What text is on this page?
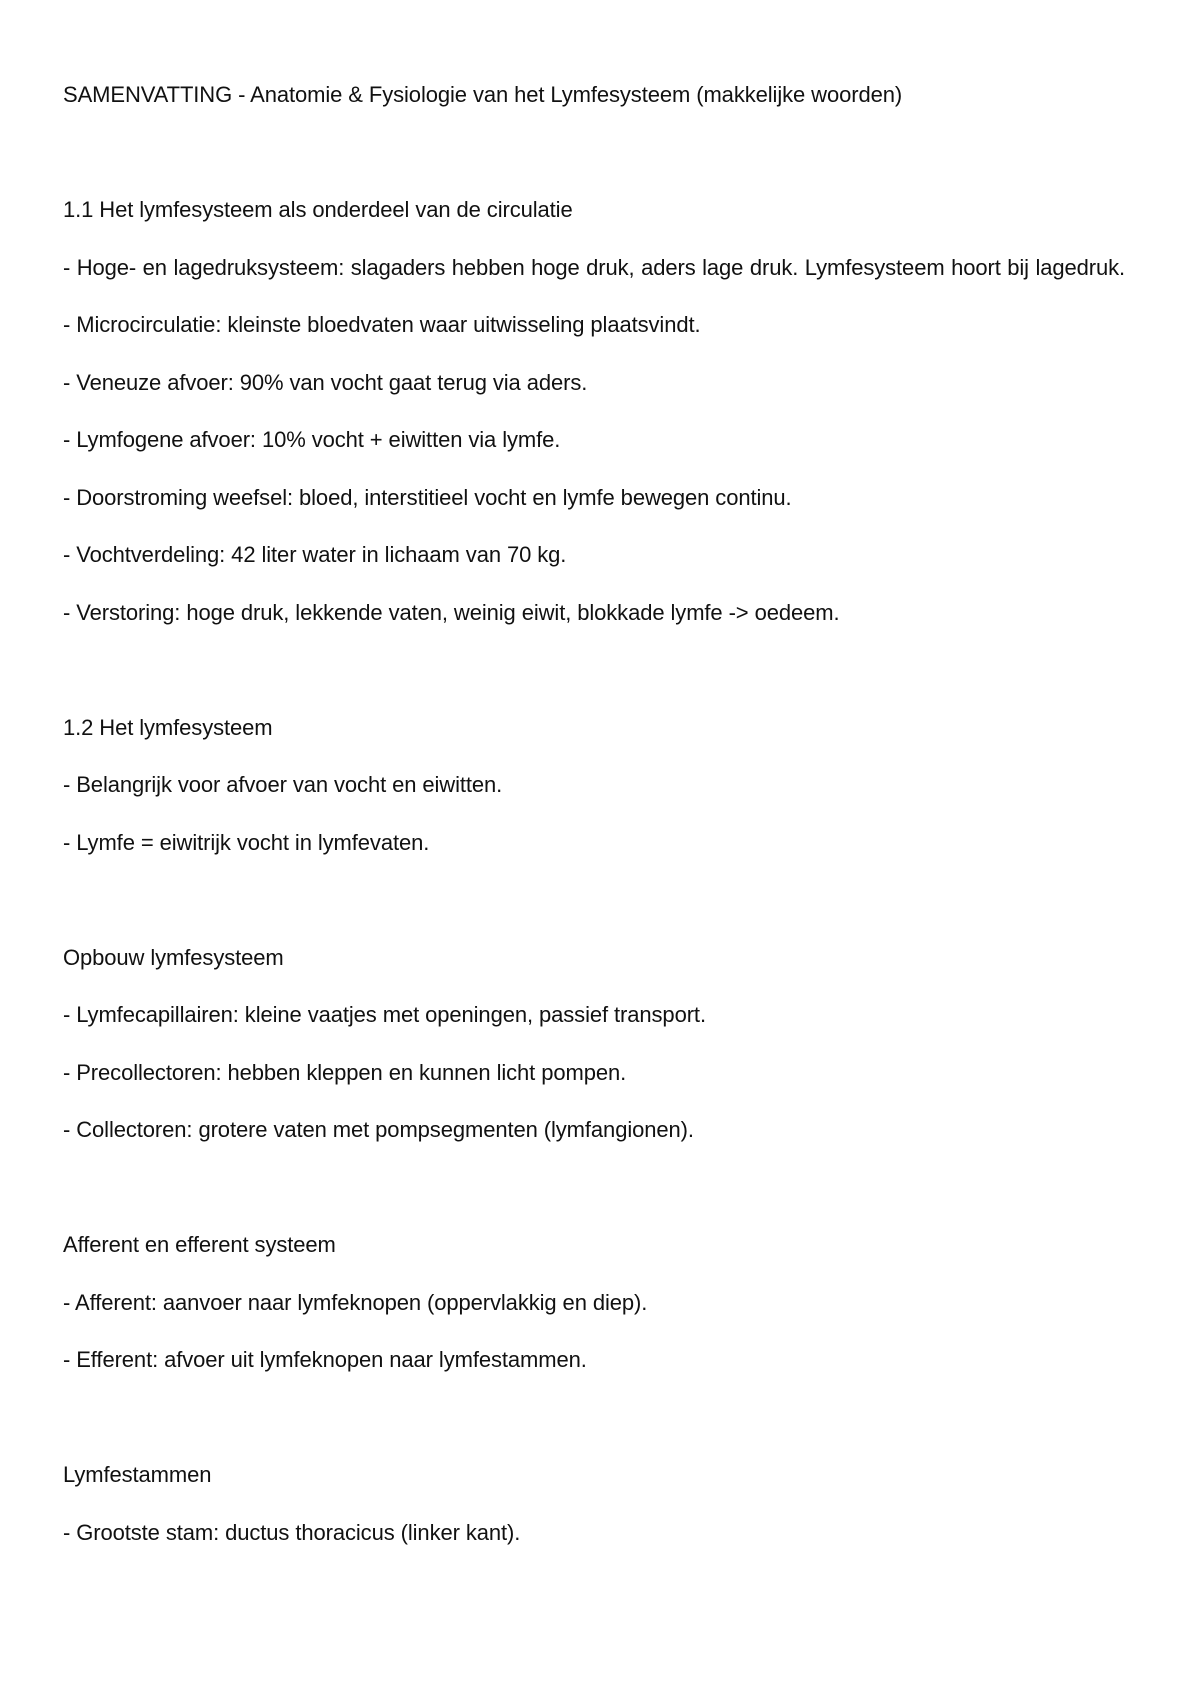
SAMENVATTING - Anatomie & Fysiologie van het Lymfesysteem (makkelijke woorden)

1.1 Het lymfesysteem als onderdeel van de circulatie

- Hoge- en lagedruksysteem: slagaders hebben hoge druk, aders lage druk. Lymfesysteem hoort bij lagedruk.

- Microcirculatie: kleinste bloedvaten waar uitwisseling plaatsvindt.

- Veneuze afvoer: 90% van vocht gaat terug via aders.

- Lymfogene afvoer: 10% vocht + eiwitten via lymfe.

- Doorstroming weefsel: bloed, interstitieel vocht en lymfe bewegen continu.

- Vochtverdeling: 42 liter water in lichaam van 70 kg.

- Verstoring: hoge druk, lekkende vaten, weinig eiwit, blokkade lymfe -> oedeem.

1.2 Het lymfesysteem

- Belangrijk voor afvoer van vocht en eiwitten.

- Lymfe = eiwitrijk vocht in lymfevaten.

Opbouw lymfesysteem

- Lymfecapillairen: kleine vaatjes met openingen, passief transport.

- Precollectoren: hebben kleppen en kunnen licht pompen.

- Collectoren: grotere vaten met pompsegmenten (lymfangionen).

Afferent en efferent systeem

- Afferent: aanvoer naar lymfeknopen (oppervlakkig en diep).

- Efferent: afvoer uit lymfeknopen naar lymfestammen.

Lymfestammen

- Grootste stam: ductus thoracicus (linker kant).
